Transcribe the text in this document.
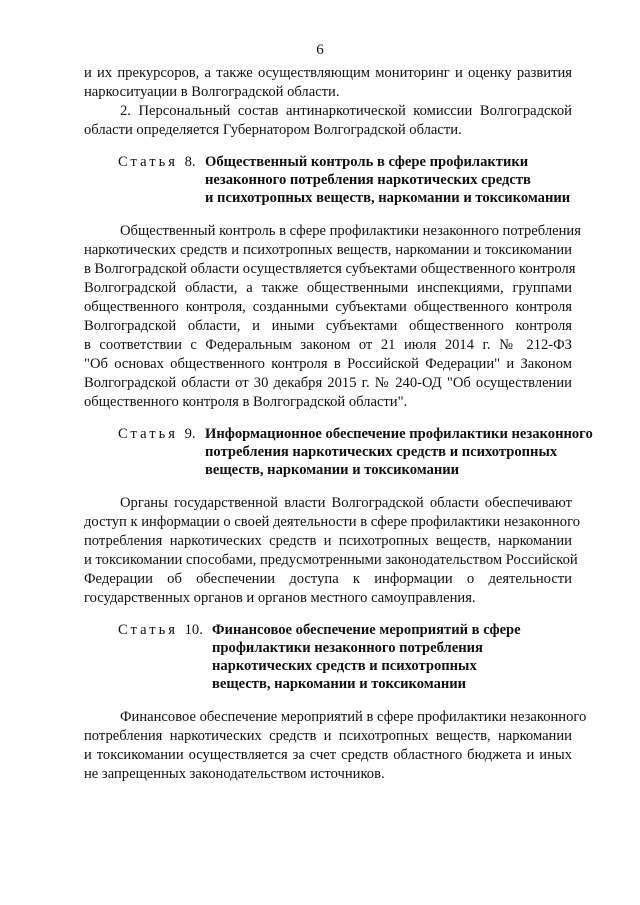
6
и их прекурсоров, а также осуществляющим мониторинг и оценку развития
наркоситуации в Волгоградской области.
2. Персональный состав антинаркотической комиссии Волгоградской
области определяется Губернатором Волгоградской области.
Статья 8. Общественный контроль в сфере профилактики
незаконного потребления наркотических средств
и психотропных веществ, наркомании и токсикомании
Общественный контроль в сфере профилактики незаконного потребления
наркотических средств и психотропных веществ, наркомании и токсикомании
в Волгоградской области осуществляется субъектами общественного контроля
Волгоградской области, а также общественными инспекциями, группами
общественного контроля, созданными субъектами общественного контроля
Волгоградской области, и иными субъектами общественного контроля
в соответствии с Федеральным законом от 21 июля 2014 г. № 212-ФЗ
"Об основах общественного контроля в Российской Федерации" и Законом
Волгоградской области от 30 декабря 2015 г. № 240-ОД "Об осуществлении
общественного контроля в Волгоградской области".
Статья 9. Информационное обеспечение профилактики незаконного
потребления наркотических средств и психотропных
веществ, наркомании и токсикомании
Органы государственной власти Волгоградской области обеспечивают
доступ к информации о своей деятельности в сфере профилактики незаконного
потребления наркотических средств и психотропных веществ, наркомании
и токсикомании способами, предусмотренными законодательством Российской
Федерации об обеспечении доступа к информации о деятельности
государственных органов и органов местного самоуправления.
Статья 10. Финансовое обеспечение мероприятий в сфере
профилактики незаконного потребления
наркотических средств и психотропных
веществ, наркомании и токсикомании
Финансовое обеспечение мероприятий в сфере профилактики незаконного
потребления наркотических средств и психотропных веществ, наркомании
и токсикомании осуществляется за счет средств областного бюджета и иных
не запрещенных законодательством источников.
